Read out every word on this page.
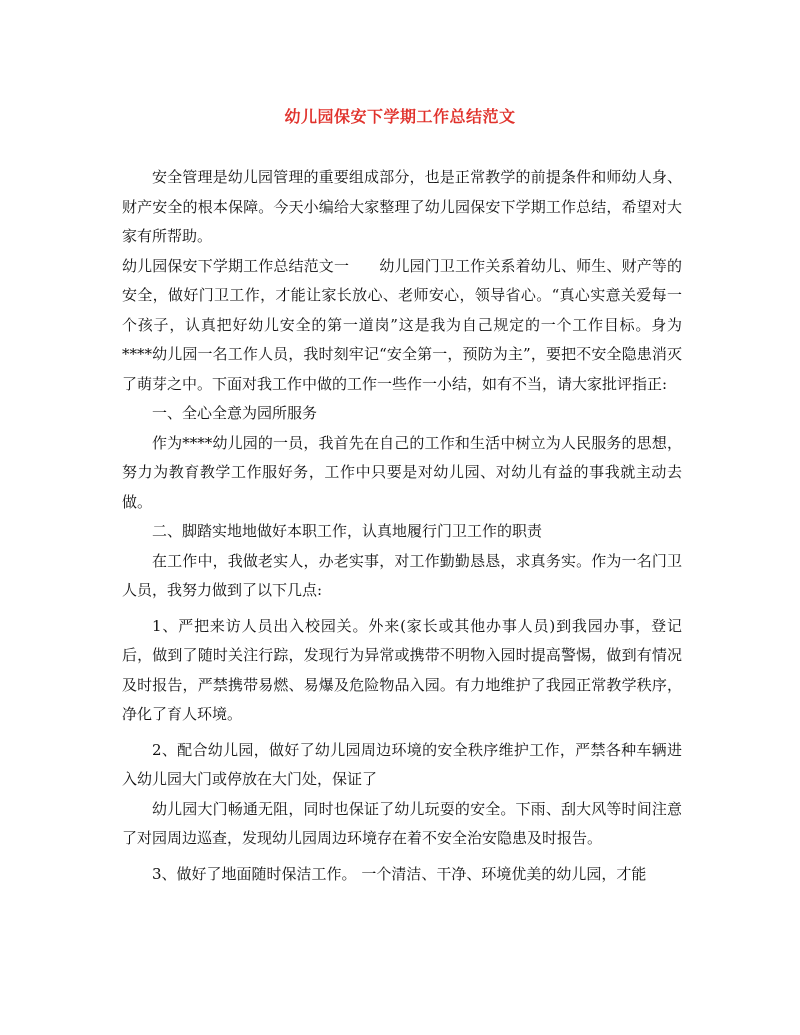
幼儿园保安下学期工作总结范文

安全管理是幼儿园管理的重要组成部分，也是正常教学的前提条件和师幼人身、财产安全的根本保障。今天小编给大家整理了幼儿园保安下学期工作总结，希望对大家有所帮助。

幼儿园保安下学期工作总结范文一　　幼儿园门卫工作关系着幼儿、师生、财产等的安全，做好门卫工作，才能让家长放心、老师安心，领导省心。“真心实意关爱每一个孩子，认真把好幼儿安全的第一道岗”这是我为自己规定的一个工作目标。身为****幼儿园一名工作人员，我时刻牢记“安全第一，预防为主”，要把不安全隐患消灭了萌芽之中。下面对我工作中做的工作一些作一小结，如有不当，请大家批评指正:

一、全心全意为园所服务

作为****幼儿园的一员，我首先在自己的工作和生活中树立为人民服务的思想，努力为教育教学工作服好务，工作中只要是对幼儿园、对幼儿有益的事我就主动去做。

二、脚踏实地地做好本职工作，认真地履行门卫工作的职责

在工作中，我做老实人，办老实事，对工作勤勤恳恳，求真务实。作为一名门卫人员，我努力做到了以下几点:

1、严把来访人员出入校园关。外来(家长或其他办事人员)到我园办事，登记后，做到了随时关注行踪，发现行为异常或携带不明物入园时提高警惕，做到有情况及时报告，严禁携带易燃、易爆及危险物品入园。有力地维护了我园正常教学秩序，净化了育人环境。

2、配合幼儿园，做好了幼儿园周边环境的安全秩序维护工作，严禁各种车辆进入幼儿园大门或停放在大门处，保证了

幼儿园大门畅通无阻，同时也保证了幼儿玩耍的安全。下雨、刮大风等时间注意了对园周边巡查，发现幼儿园周边环境存在着不安全治安隐患及时报告。

3、做好了地面随时保洁工作。 一个清洁、干净、环境优美的幼儿园，才能
